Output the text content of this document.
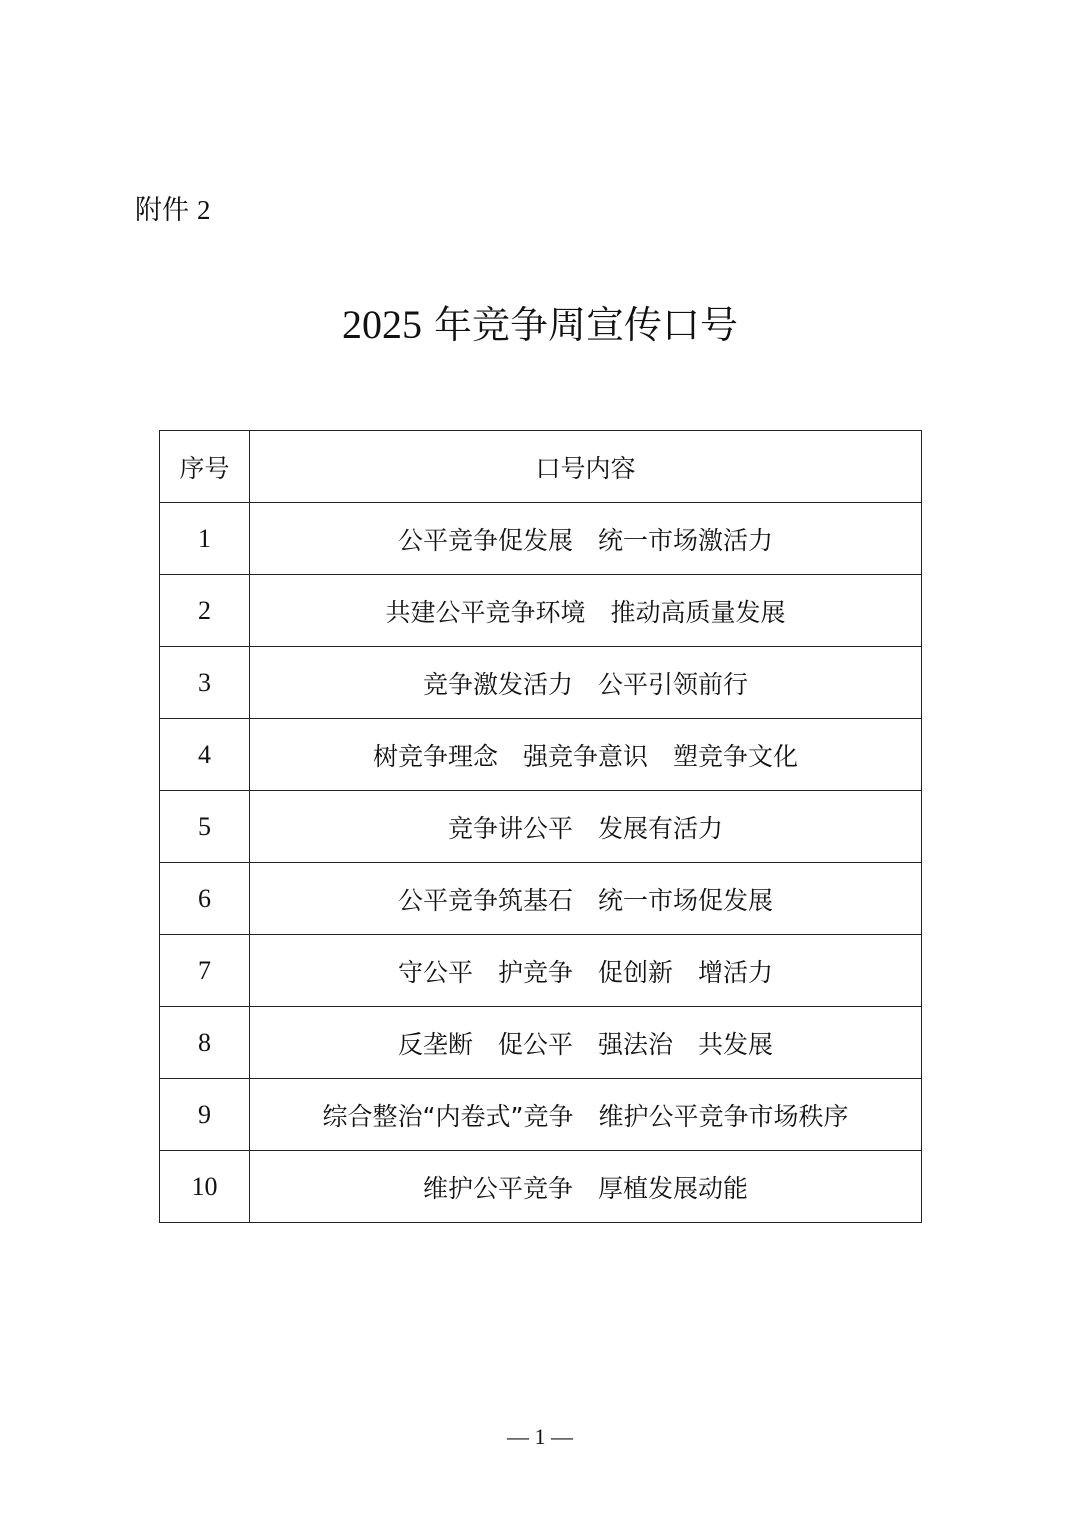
附件 2
2025 年竞争周宣传口号
序号	口号内容
1	公平竞争促发展　统一市场激活力
2	共建公平竞争环境　推动高质量发展
3	竞争激发活力　公平引领前行
4	树竞争理念　强竞争意识　塑竞争文化
5	竞争讲公平　发展有活力
6	公平竞争筑基石　统一市场促发展
7	守公平　护竞争　促创新　增活力
8	反垄断　促公平　强法治　共发展
9	综合整治“内卷式”竞争　维护公平竞争市场秩序
10	维护公平竞争　厚植发展动能
— 1 —
